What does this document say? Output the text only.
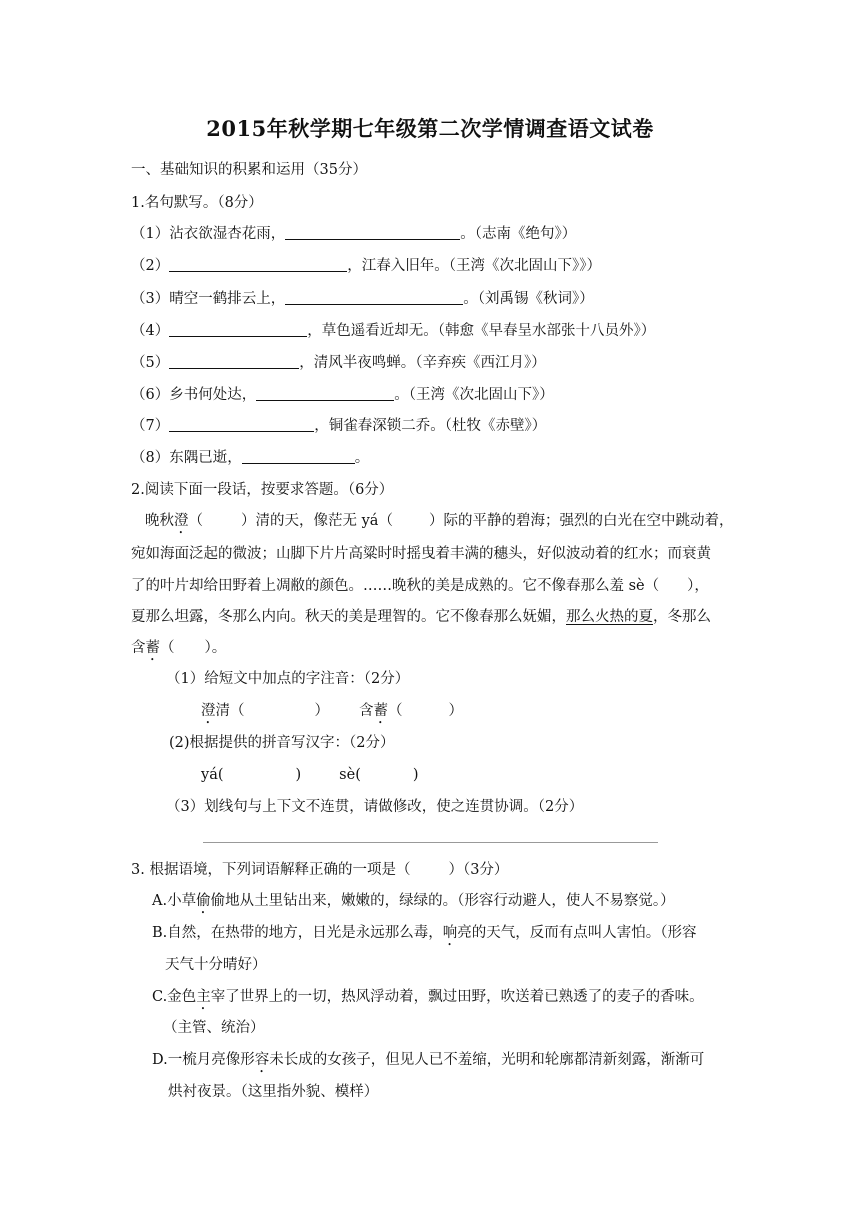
2015年秋学期七年级第二次学情调查语文试卷
一、基础知识的积累和运用（35分）
1.名句默写。（8分）
（1）沾衣欲湿杏花雨，	。（志南《绝句》）
（2）	，江春入旧年。（王湾《次北固山下》》）
（3）晴空一鹤排云上，	。（刘禹锡《秋词》）
（4）	，草色遥看近却无。（韩愈《早春呈水部张十八员外》）
（5）	，清风半夜鸣蝉。（辛弃疾《西江月》）
（6）乡书何处达，	。（王湾《次北固山下》）
（7）	，铜雀春深锁二乔。（杜牧《赤壁》）
（8）东隅已逝，	。
2.阅读下面一段话，按要求答题。（6分）
晚秋澄（	）清的天，像茫无 yá（ ）际的平静的碧海；强烈的白光在空中跳动着，
宛如海面泛起的微波；山脚下片片高粱时时摇曳着丰满的穗头，好似波动着的红水；而衰黄
了的叶片却给田野着上凋敝的颜色。……晚秋的美是成熟的。它不像春那么羞 sè（ ），
夏那么坦露，冬那么内向。秋天的美是理智的。它不像春那么妩媚，那么火热的夏，冬那么
含蓄（ ）。
（1）给短文中加点的字注音：（2分）
澄清（	） 含蓄（	）
(2)根据提供的拼音写汉字：（2分）
yá(	)	sè(	)
（3）划线句与上下文不连贯，请做修改，使之连贯协调。（2分）
3. 根据语境，下列词语解释正确的一项是（	）（3分）
A.小草偷偷地从土里钻出来，嫩嫩的，绿绿的。（形容行动避人，使人不易察觉。）
B.自然，在热带的地方，日光是永远那么毒，响亮的天气，反而有点叫人害怕。（形容
天气十分晴好）
C.金色主宰了世界上的一切，热风浮动着，飘过田野，吹送着已熟透了的麦子的香味。
（主管、统治）
D.一梳月亮像形容未长成的女孩子，但见人已不羞缩，光明和轮廓都清新刻露，渐渐可
烘衬夜景。（这里指外貌、模样）
